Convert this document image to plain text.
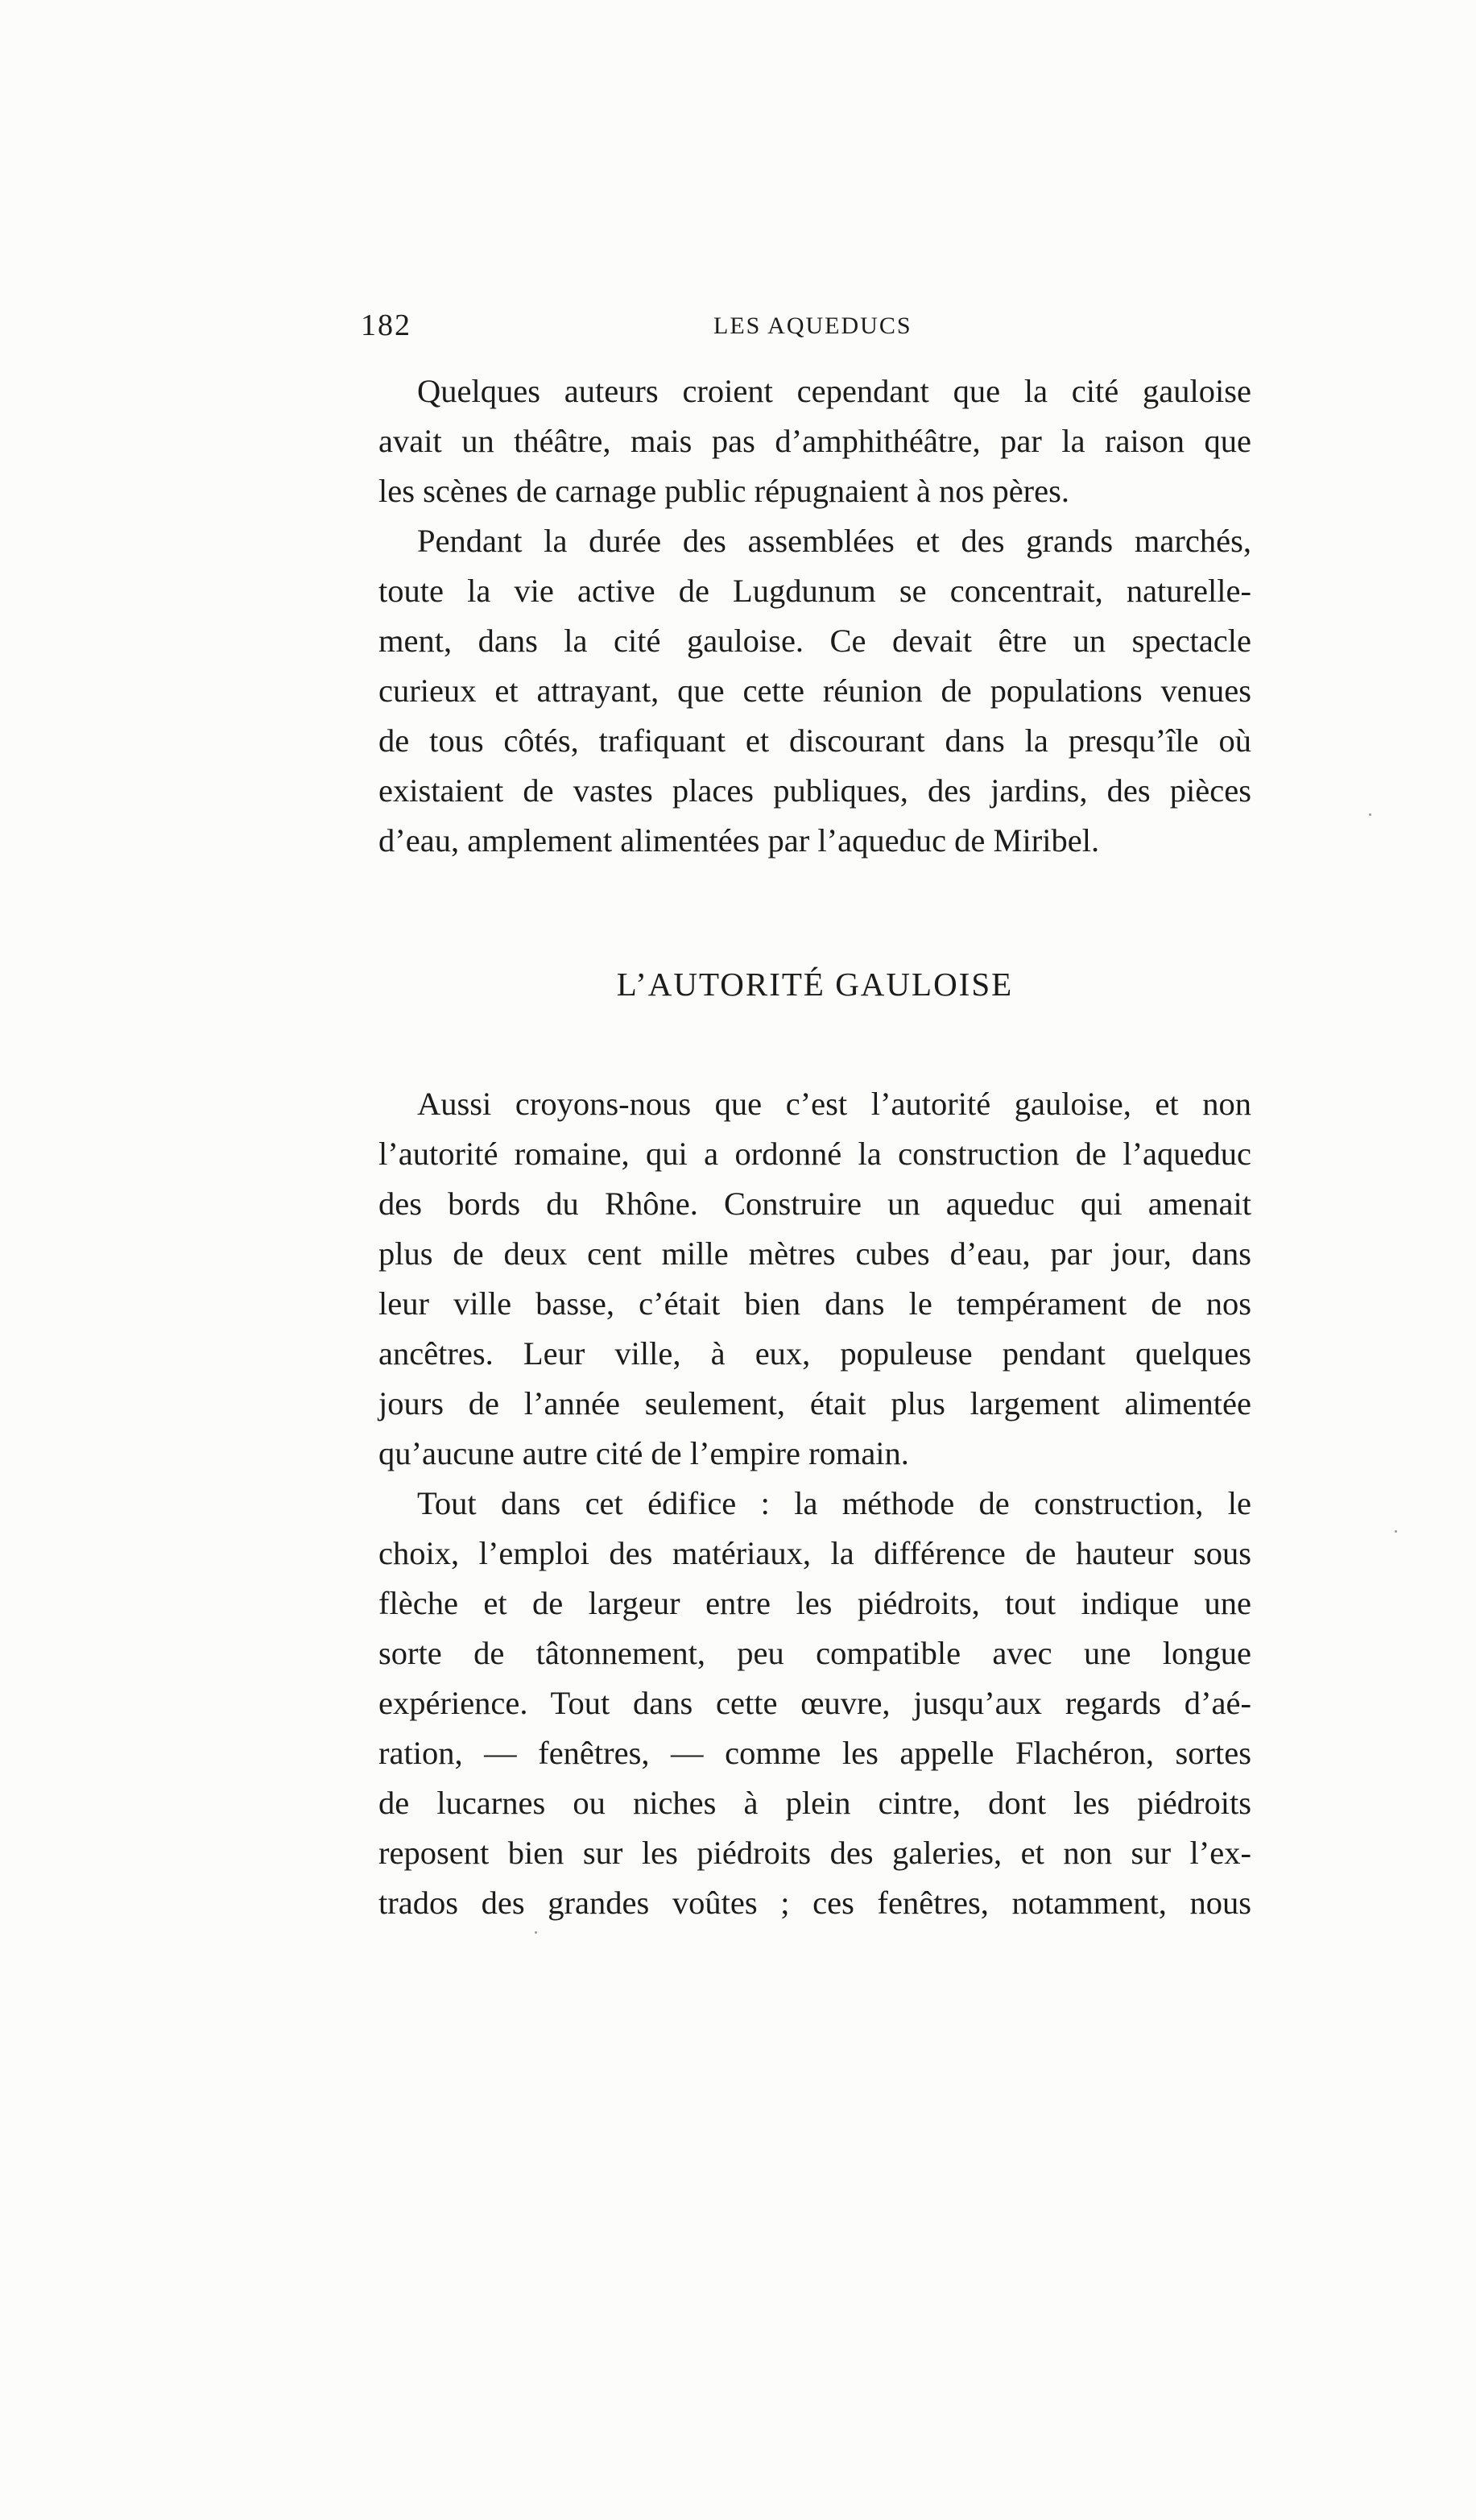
182	LES AQUEDUCS
Quelques auteurs croient cependant que la cité gauloise
avait un théâtre, mais pas d’amphithéâtre, par la raison que
les scènes de carnage public répugnaient à nos pères.
Pendant la durée des assemblées et des grands marchés,
toute la vie active de Lugdunum se concentrait, naturelle-
ment, dans la cité gauloise. Ce devait être un spectacle
curieux et attrayant, que cette réunion de populations venues
de tous côtés, trafiquant et discourant dans la presqu’île où
existaient de vastes places publiques, des jardins, des pièces
d’eau, amplement alimentées par l’aqueduc de Miribel.
L’AUTORITÉ GAULOISE
Aussi croyons-nous que c’est l’autorité gauloise, et non
l’autorité romaine, qui a ordonné la construction de l’aqueduc
des bords du Rhône. Construire un aqueduc qui amenait
plus de deux cent mille mètres cubes d’eau, par jour, dans
leur ville basse, c’était bien dans le tempérament de nos
ancêtres. Leur ville, à eux, populeuse pendant quelques
jours de l’année seulement, était plus largement alimentée
qu’aucune autre cité de l’empire romain.
Tout dans cet édifice : la méthode de construction, le
choix, l’emploi des matériaux, la différence de hauteur sous
flèche et de largeur entre les piédroits, tout indique une
sorte de tâtonnement, peu compatible avec une longue
expérience. Tout dans cette œuvre, jusqu’aux regards d’aé-
ration, — fenêtres, — comme les appelle Flachéron, sortes
de lucarnes ou niches à plein cintre, dont les piédroits
reposent bien sur les piédroits des galeries, et non sur l’ex-
trados des grandes voûtes ; ces fenêtres, notamment, nous
